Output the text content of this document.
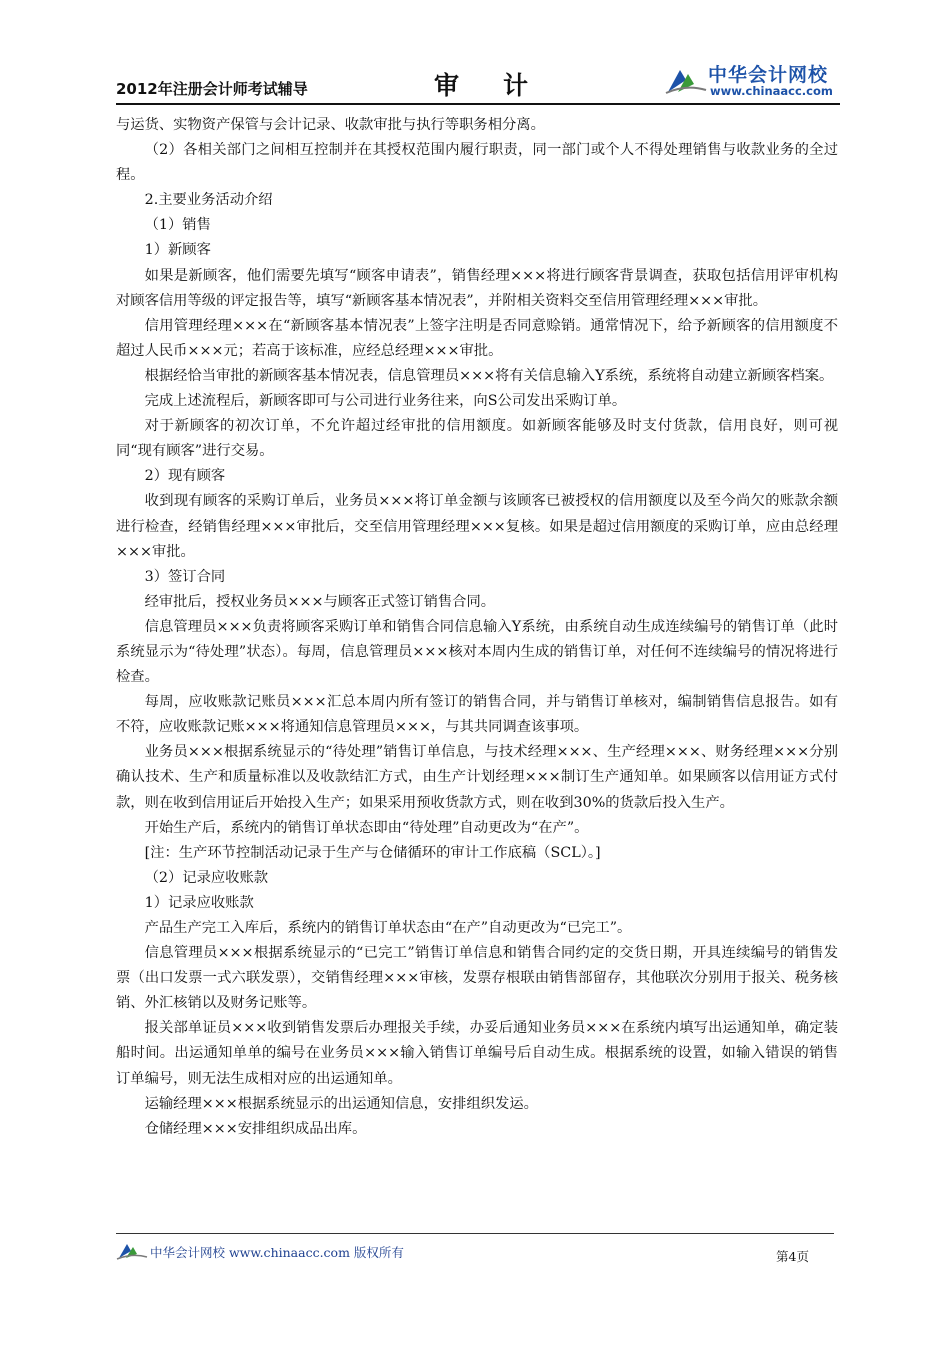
2012年注册会计师考试辅导	审计	中华会计网校
www.chinaacc.com

与运货、实物资产保管与会计记录、收款审批与执行等职务相分离。

（2）各相关部门之间相互控制并在其授权范围内履行职责，同一部门或个人不得处理销售与收款业务的全过程。

2.主要业务活动介绍

（1）销售

1）新顾客

如果是新顾客，他们需要先填写“顾客申请表”，销售经理×××将进行顾客背景调查，获取包括信用评审机构对顾客信用等级的评定报告等，填写“新顾客基本情况表”，并附相关资料交至信用管理经理×××审批。

信用管理经理×××在“新顾客基本情况表”上签字注明是否同意赊销。通常情况下，给予新顾客的信用额度不超过人民币×××元；若高于该标准，应经总经理×××审批。

根据经恰当审批的新顾客基本情况表，信息管理员×××将有关信息输入Y系统，系统将自动建立新顾客档案。

完成上述流程后，新顾客即可与公司进行业务往来，向S公司发出采购订单。

对于新顾客的初次订单，不允许超过经审批的信用额度。如新顾客能够及时支付货款，信用良好，则可视同“现有顾客”进行交易。

2）现有顾客

收到现有顾客的采购订单后，业务员×××将订单金额与该顾客已被授权的信用额度以及至今尚欠的账款余额进行检查，经销售经理×××审批后，交至信用管理经理×××复核。如果是超过信用额度的采购订单，应由总经理×××审批。

3）签订合同

经审批后，授权业务员×××与顾客正式签订销售合同。

信息管理员×××负责将顾客采购订单和销售合同信息输入Y系统，由系统自动生成连续编号的销售订单（此时系统显示为“待处理”状态）。每周，信息管理员×××核对本周内生成的销售订单，对任何不连续编号的情况将进行检查。

每周，应收账款记账员×××汇总本周内所有签订的销售合同，并与销售订单核对，编制销售信息报告。如有不符，应收账款记账×××将通知信息管理员×××，与其共同调查该事项。

业务员×××根据系统显示的“待处理”销售订单信息，与技术经理×××、生产经理×××、财务经理×××分别确认技术、生产和质量标准以及收款结汇方式，由生产计划经理×××制订生产通知单。如果顾客以信用证方式付款，则在收到信用证后开始投入生产；如果采用预收货款方式，则在收到30%的货款后投入生产。

开始生产后，系统内的销售订单状态即由“待处理”自动更改为“在产”。

[注：生产环节控制活动记录于生产与仓储循环的审计工作底稿（SCL）。]

（2）记录应收账款

1）记录应收账款

产品生产完工入库后，系统内的销售订单状态由“在产”自动更改为“已完工”。

信息管理员×××根据系统显示的“已完工”销售订单信息和销售合同约定的交货日期，开具连续编号的销售发票（出口发票一式六联发票），交销售经理×××审核，发票存根联由销售部留存，其他联次分别用于报关、税务核销、外汇核销以及财务记账等。

报关部单证员×××收到销售发票后办理报关手续，办妥后通知业务员×××在系统内填写出运通知单，确定装船时间。出运通知单单的编号在业务员×××输入销售订单编号后自动生成。根据系统的设置，如输入错误的销售订单编号，则无法生成相对应的出运通知单。

运输经理×××根据系统显示的出运通知信息，安排组织发运。

仓储经理×××安排组织成品出库。

中华会计网校 www.chinaacc.com 版权所有	第4页
